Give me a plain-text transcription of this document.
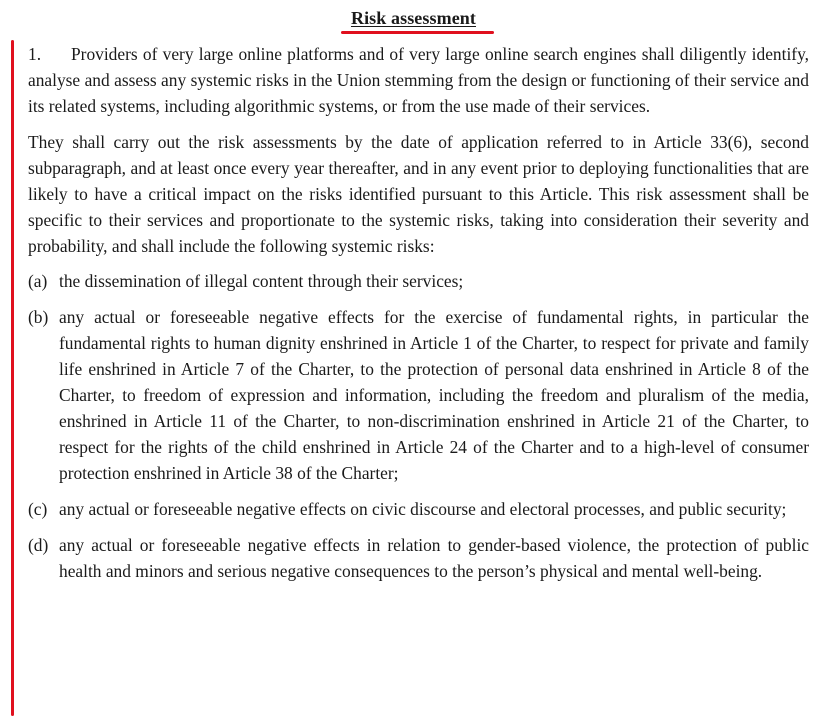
Risk assessment

1. Providers of very large online platforms and of very large online search engines shall diligently identify, analyse and assess any systemic risks in the Union stemming from the design or functioning of their service and its related systems, including algorithmic systems, or from the use made of their services.

They shall carry out the risk assessments by the date of application referred to in Article 33(6), second subparagraph, and at least once every year thereafter, and in any event prior to deploying functionalities that are likely to have a critical impact on the risks identified pursuant to this Article. This risk assessment shall be specific to their services and proportionate to the systemic risks, taking into consideration their severity and probability, and shall include the following systemic risks:

(a) the dissemination of illegal content through their services;
(b) any actual or foreseeable negative effects for the exercise of fundamental rights, in particular the fundamental rights to human dignity enshrined in Article 1 of the Charter, to respect for private and family life enshrined in Article 7 of the Charter, to the protection of personal data enshrined in Article 8 of the Charter, to freedom of expression and information, including the freedom and pluralism of the media, enshrined in Article 11 of the Charter, to non-discrimination enshrined in Article 21 of the Charter, to respect for the rights of the child enshrined in Article 24 of the Charter and to a high-level of consumer protection enshrined in Article 38 of the Charter;
(c) any actual or foreseeable negative effects on civic discourse and electoral processes, and public security;
(d) any actual or foreseeable negative effects in relation to gender-based violence, the protection of public health and minors and serious negative consequences to the person’s physical and mental well-being.
